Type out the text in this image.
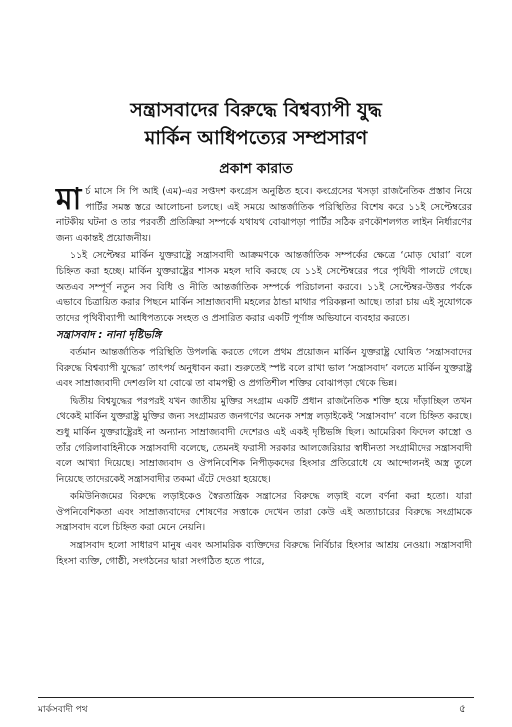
সন্ত্রাসবাদের বিরুদ্ধে বিশ্বব্যাপী যুদ্ধ
মার্কিন আধিপত্যের সম্প্রসারণ
প্রকাশ কারাত

মার্চ মাসে সি পি আই (এম)-এর সপ্তদশ কংগ্রেস অনুষ্ঠিত হবে। কংগ্রেসের খসড়া রাজনৈতিক প্রস্তাব নিয়ে পার্টির সমস্ত স্তরে আলোচনা চলছে। এই সময়ে আন্তর্জাতিক পরিস্থিতির বিশেষ করে ১১ই সেপ্টেম্বরের নাটকীয় ঘটনা ও তার পরবর্তী প্রতিক্রিয়া সম্পর্কে যথাযথ বোঝাপড়া পার্টির সঠিক রণকৌশলগত লাইন নির্ধারণের জন্য একান্তই প্রয়োজনীয়।

১১ই সেপ্টেম্বর মার্কিন যুক্তরাষ্ট্রে সন্ত্রাসবাদী আক্রমণকে আন্তর্জাতিক সম্পর্কের ক্ষেত্রে ‘মোড় ঘোরা’ বলে চিহ্নিত করা হচ্ছে। মার্কিন যুক্তরাষ্ট্রের শাসক মহল দাবি করছে যে ১১ই সেপ্টেম্বরের পরে পৃথিবী পালটে গেছে। অতএব সম্পূর্ণ নতুন সব বিধি ও নীতি আন্তর্জাতিক সম্পর্কে পরিচালনা করবে। ১১ই সেপ্টেম্বর-উত্তর পর্বকে এভাবে চিত্রায়িত করার পিছনে মার্কিন সাম্রাজ্যবাদী মহলের ঠান্ডা মাথার পরিকল্পনা আছে। তারা চায় এই সুযোগকে তাদের পৃথিবীব্যাপী আধিপত্যকে সংহত ও প্রসারিত করার একটি পূর্ণাঙ্গ অভিযানে ব্যবহার করতে।

সন্ত্রাসবাদ : নানা দৃষ্টিভঙ্গি

বর্তমান আন্তর্জাতিক পরিস্থিতি উপলব্ধি করতে গেলে প্রথম প্রয়োজন মার্কিন যুক্তরাষ্ট্র ঘোষিত ‘সন্ত্রাসবাদের বিরুদ্ধে বিশ্বব্যাপী যুদ্ধের’ তাৎপর্য অনুধাবন করা। শুরুতেই স্পষ্ট বলে রাখা ভাল ‘সন্ত্রাসবাদ’ বলতে মার্কিন যুক্তরাষ্ট্র এবং সাম্রাজ্যবাদী দেশগুলি যা বোঝে তা বামপন্থী ও প্রগতিশীল শক্তির বোঝাপড়া থেকে ভিন্ন।

দ্বিতীয় বিশ্বযুদ্ধের পরপরই যখন জাতীয় মুক্তির সংগ্রাম একটি প্রধান রাজনৈতিক শক্তি হয়ে দাঁড়াচ্ছিল তখন থেকেই মার্কিন যুক্তরাষ্ট্র মুক্তির জন্য সংগ্রামরত জনগণের অনেক সশস্ত্র লড়াইকেই ‘সন্ত্রাসবাদ’ বলে চিহ্নিত করছে। শুধু মার্কিন যুক্তরাষ্ট্রেরই না অন্যান্য সাম্রাজ্যবাদী দেশেরও এই একই দৃষ্টিভঙ্গি ছিল। আমেরিকা ফিদেল কাস্ত্রো ও তাঁর গেরিলাবাহিনীকে সন্ত্রাসবাদী বলেছে, তেমনই ফরাসী সরকার আলজেরিয়ার স্বাধীনতা সংগ্রামীদের সন্ত্রাসবাদী বলে আখ্যা দিয়েছে। সাম্রাজ্যবাদ ও ঔপনিবেশিক নিপীড়কদের হিংসার প্রতিরোধে যে আন্দোলনই অস্ত্র তুলে নিয়েছে তাদেরকেই সন্ত্রাসবাদীর তকমা এঁটে দেওয়া হয়েছে।

কমিউনিজমের বিরুদ্ধে লড়াইকেও স্বৈরতান্ত্রিক সন্ত্রাসের বিরুদ্ধে লড়াই বলে বর্ণনা করা হতো। যারা ঔপনিবেশিকতা এবং সাম্রাজ্যবাদের শোষণের সত্তাকে দেখেন তারা কেউ এই অত্যাচারের বিরুদ্ধে সংগ্রামকে সন্ত্রাসবাদ বলে চিহ্নিত করা মেনে নেয়নি।

সন্ত্রাসবাদ হলো সাধারণ মানুষ এবং অসামরিক ব্যক্তিদের বিরুদ্ধে নির্বিচার হিংসার আশ্রয় নেওয়া। সন্ত্রাসবাদী হিংসা ব্যক্তি, গোষ্ঠী, সংগঠনের দ্বারা সংগঠিত হতে পারে,

মার্কসবাদী পথ	৫
